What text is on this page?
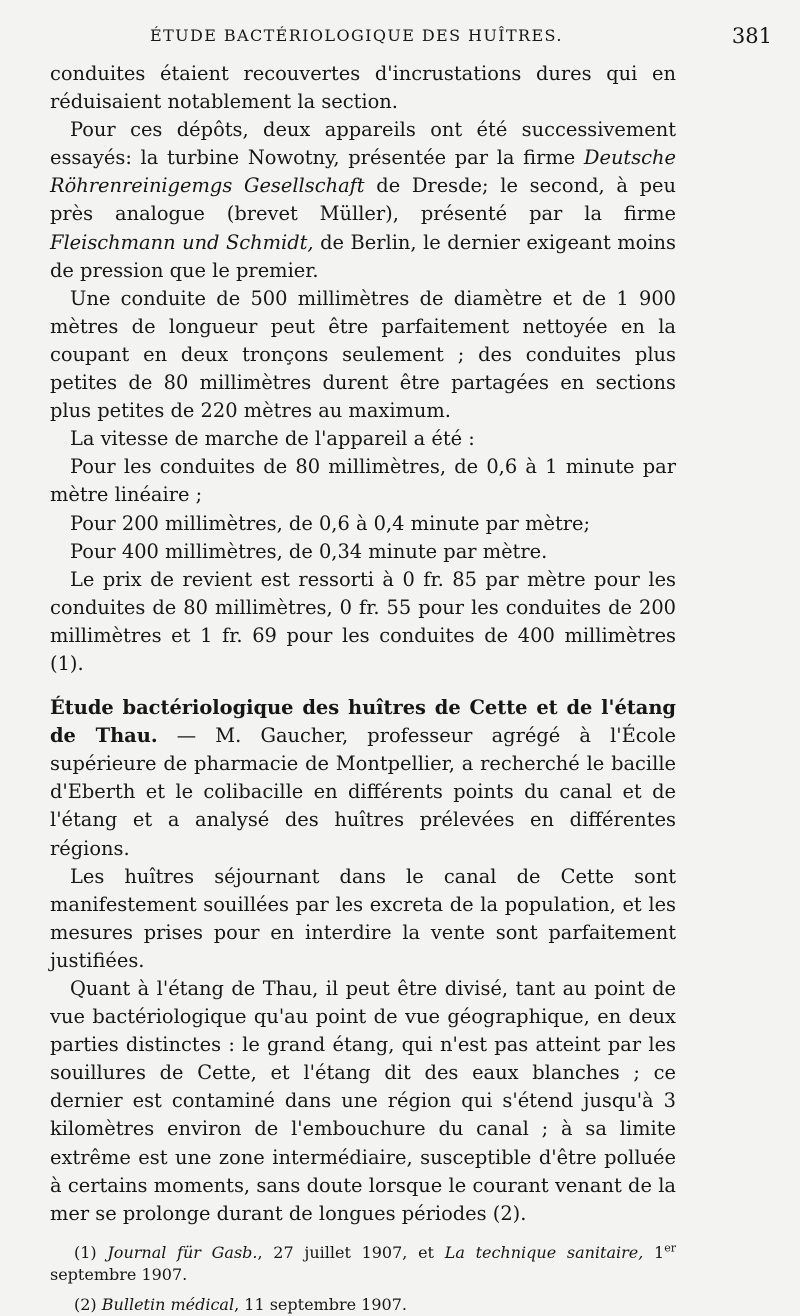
ÉTUDE BACTÉRIOLOGIQUE DES HUÎTRES.	381

conduites étaient recouvertes d'incrustations dures qui en réduisaient notablement la section.

Pour ces dépôts, deux appareils ont été successivement essayés: la turbine Nowotny, présentée par la firme Deutsche Röhrenreinigemgs Gesellschaft de Dresde; le second, à peu près analogue (brevet Müller), présenté par la firme Fleischmann und Schmidt, de Berlin, le dernier exigeant moins de pression que le premier.

Une conduite de 500 millimètres de diamètre et de 1 900 mètres de longueur peut être parfaitement nettoyée en la coupant en deux tronçons seulement ; des conduites plus petites de 80 millimètres durent être partagées en sections plus petites de 220 mètres au maximum.

La vitesse de marche de l'appareil a été :

Pour les conduites de 80 millimètres, de 0,6 à 1 minute par mètre linéaire ;

Pour 200 millimètres, de 0,6 à 0,4 minute par mètre;

Pour 400 millimètres, de 0,34 minute par mètre.

Le prix de revient est ressorti à 0 fr. 85 par mètre pour les conduites de 80 millimètres, 0 fr. 55 pour les conduites de 200 millimètres et 1 fr. 69 pour les conduites de 400 millimètres (1).

Étude bactériologique des huîtres de Cette et de l'étang de Thau. — M. Gaucher, professeur agrégé à l'École supérieure de pharmacie de Montpellier, a recherché le bacille d'Eberth et le colibacille en différents points du canal et de l'étang et a analysé des huîtres prélevées en différentes régions.

Les huîtres séjournant dans le canal de Cette sont manifestement souillées par les excreta de la population, et les mesures prises pour en interdire la vente sont parfaitement justifiées.

Quant à l'étang de Thau, il peut être divisé, tant au point de vue bactériologique qu'au point de vue géographique, en deux parties distinctes : le grand étang, qui n'est pas atteint par les souillures de Cette, et l'étang dit des eaux blanches ; ce dernier est contaminé dans une région qui s'étend jusqu'à 3 kilomètres environ de l'embouchure du canal ; à sa limite extrême est une zone intermédiaire, susceptible d'être polluée à certains moments, sans doute lorsque le courant venant de la mer se prolonge durant de longues périodes (2).

(1) Journal für Gasb., 27 juillet 1907, et La technique sanitaire, 1er septembre 1907.

(2) Bulletin médical, 11 septembre 1907.
